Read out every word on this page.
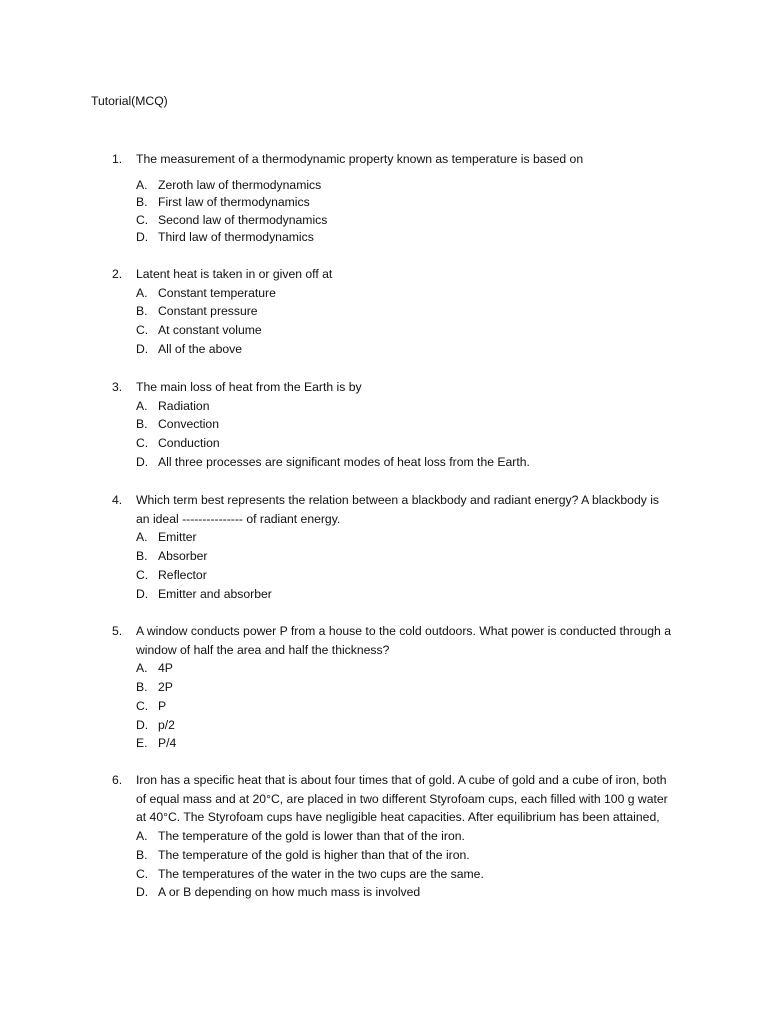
Tutorial(MCQ)
1. The measurement of a thermodynamic property known as temperature is based on
A. Zeroth law of thermodynamics
B. First law of thermodynamics
C. Second law of thermodynamics
D. Third law of thermodynamics
2. Latent heat is taken in or given off at
A. Constant temperature
B. Constant pressure
C. At constant volume
D. All of the above
3. The main loss of heat from the Earth is by
A. Radiation
B. Convection
C. Conduction
D. All three processes are significant modes of heat loss from the Earth.
4. Which term best represents the relation between a blackbody and radiant energy? A blackbody is an ideal --------------- of radiant energy.
A. Emitter
B. Absorber
C. Reflector
D. Emitter and absorber
5. A window conducts power P from a house to the cold outdoors. What power is conducted through a window of half the area and half the thickness?
A. 4P
B. 2P
C. P
D. p/2
E. P/4
6. Iron has a specific heat that is about four times that of gold. A cube of gold and a cube of iron, both of equal mass and at 20°C, are placed in two different Styrofoam cups, each filled with 100 g water at 40°C. The Styrofoam cups have negligible heat capacities. After equilibrium has been attained,
A. The temperature of the gold is lower than that of the iron.
B. The temperature of the gold is higher than that of the iron.
C. The temperatures of the water in the two cups are the same.
D. A or B depending on how much mass is involved
